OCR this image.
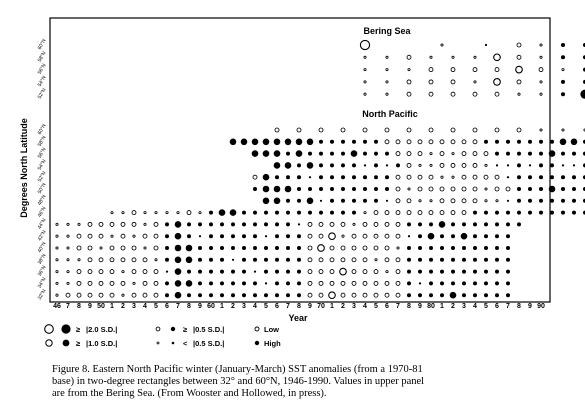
60°N
58°N
56°N
54°N
52°N
60°N
58°N
56°N
54°N
52°N
50°N
48°N
46°N
44°N
42°N
40°N
38°N
36°N
34°N
32°N
Bering Sea
North Pacific
46 7 8 9 50 1 2 3 4 5 6 7 8 9 60 1 2 3 4 5 6 7 8 9 70 1 2 3 4 5 6 7 8 9 80 1 2 3 4 5 6 7 8 9 90
Year
Degrees North Latitude
≥ |2.0 S.D.|
≥ |1.0 S.D.|
≥ |0.5 S.D.|
< |0.5 S.D.|
Low
High
Figure 8. Eastern North Pacific winter (January-March) SST anomalies (from a 1970-81
base) in two-degree rectangles between 32° and 60°N, 1946-1990. Values in upper panel
are from the Bering Sea. (From Wooster and Hollowed, in press).
